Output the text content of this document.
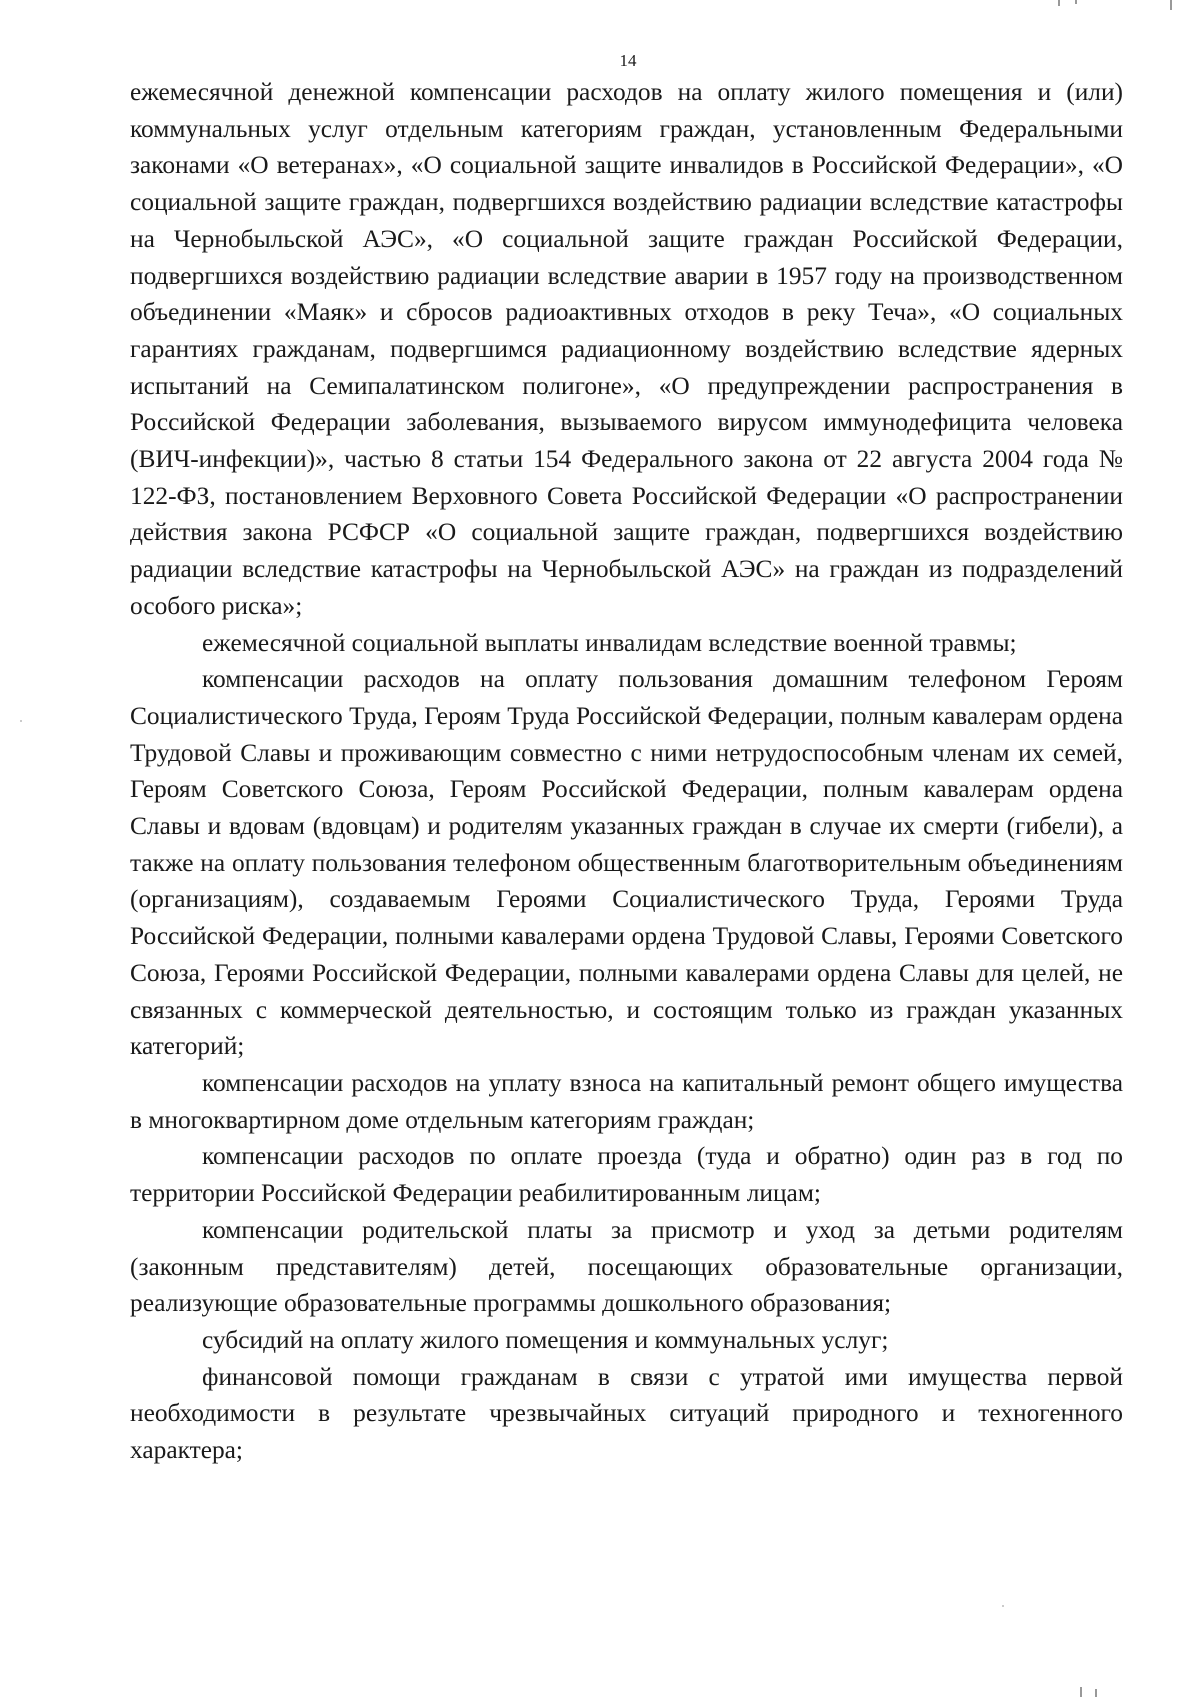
14

ежемесячной денежной компенсации расходов на оплату жилого помещения и (или) коммунальных услуг отдельным категориям граждан, установленным Федеральными законами «О ветеранах», «О социальной защите инвалидов в Российской Федерации», «О социальной защите граждан, подвергшихся воздействию радиации вследствие катастрофы на Чернобыльской АЭС», «О социальной защите граждан Российской Федерации, подвергшихся воздействию радиации вследствие аварии в 1957 году на производственном объединении «Маяк» и сбросов радиоактивных отходов в реку Теча», «О социальных гарантиях гражданам, подвергшимся радиационному воздействию вследствие ядерных испытаний на Семипалатинском полигоне», «О предупреждении распространения в Российской Федерации заболевания, вызываемого вирусом иммунодефицита человека (ВИЧ-инфекции)», частью 8 статьи 154 Федерального закона от 22 августа 2004 года № 122-ФЗ, постановлением Верховного Совета Российской Федерации «О распространении действия закона РСФСР «О социальной защите граждан, подвергшихся воздействию радиации вследствие катастрофы на Чернобыльской АЭС» на граждан из подразделений особого риска»;

ежемесячной социальной выплаты инвалидам вследствие военной травмы;

компенсации расходов на оплату пользования домашним телефоном Героям Социалистического Труда, Героям Труда Российской Федерации, полным кавалерам ордена Трудовой Славы и проживающим совместно с ними нетрудоспособным членам их семей, Героям Советского Союза, Героям Российской Федерации, полным кавалерам ордена Славы и вдовам (вдовцам) и родителям указанных граждан в случае их смерти (гибели), а также на оплату пользования телефоном общественным благотворительным объединениям (организациям), создаваемым Героями Социалистического Труда, Героями Труда Российской Федерации, полными кавалерами ордена Трудовой Славы, Героями Советского Союза, Героями Российской Федерации, полными кавалерами ордена Славы для целей, не связанных с коммерческой деятельностью, и состоящим только из граждан указанных категорий;

компенсации расходов на уплату взноса на капитальный ремонт общего имущества в многоквартирном доме отдельным категориям граждан;

компенсации расходов по оплате проезда (туда и обратно) один раз в год по территории Российской Федерации реабилитированным лицам;

компенсации родительской платы за присмотр и уход за детьми родителям (законным представителям) детей, посещающих образовательные организации, реализующие образовательные программы дошкольного образования;

субсидий на оплату жилого помещения и коммунальных услуг;

финансовой помощи гражданам в связи с утратой ими имущества первой необходимости в результате чрезвычайных ситуаций природного и техногенного характера;
